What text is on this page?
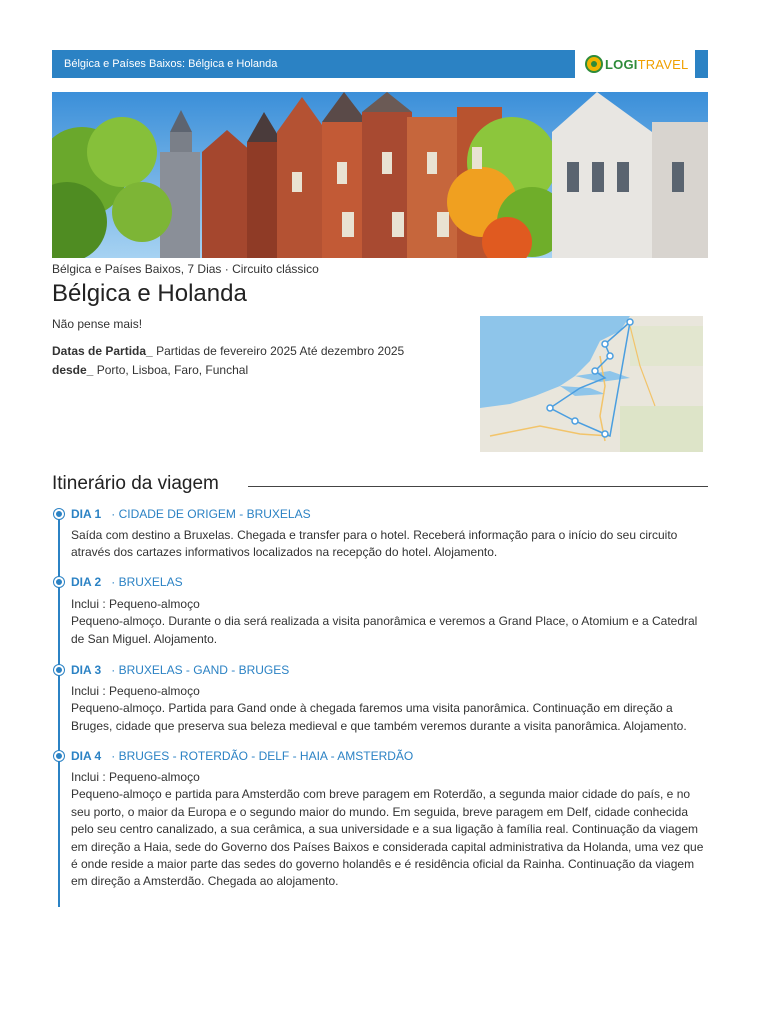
Bélgica e Países Baixos: Bélgica e Holanda	LOGITRAVEL
Bélgica e Países Baixos, 7 Dias · Circuito clássico
Bélgica e Holanda
Não pense mais!
Datas de Partida_ Partidas de fevereiro 2025 Até dezembro 2025
desde_ Porto, Lisboa, Faro, Funchal
Itinerário da viagem
DIA 1 · CIDADE DE ORIGEM - BRUXELAS
Saída com destino a Bruxelas. Chegada e transfer para o hotel. Receberá informação para o início do seu circuito
através dos cartazes informativos localizados na recepção do hotel. Alojamento.
DIA 2 · BRUXELAS
Inclui : Pequeno-almoço
Pequeno-almoço. Durante o dia será realizada a visita panorâmica e veremos a Grand Place, o Atomium e a Catedral
de San Miguel. Alojamento.
DIA 3 · BRUXELAS - GAND - BRUGES
Inclui : Pequeno-almoço
Pequeno-almoço. Partida para Gand onde à chegada faremos uma visita panorâmica. Continuação em direção a
Bruges, cidade que preserva sua beleza medieval e que também veremos durante a visita panorâmica. Alojamento.
DIA 4 · BRUGES - ROTERDÃO - DELF - HAIA - AMSTERDÃO
Inclui : Pequeno-almoço
Pequeno-almoço e partida para Amsterdão com breve paragem em Roterdão, a segunda maior cidade do país, e no
seu porto, o maior da Europa e o segundo maior do mundo. Em seguida, breve paragem em Delf, cidade conhecida
pelo seu centro canalizado, a sua cerâmica, a sua universidade e a sua ligação à família real. Continuação da viagem
em direção a Haia, sede do Governo dos Países Baixos e considerada capital administrativa da Holanda, uma vez que
é onde reside a maior parte das sedes do governo holandês e é residência oficial da Rainha. Continuação da viagem
em direção a Amsterdão. Chegada ao alojamento.
